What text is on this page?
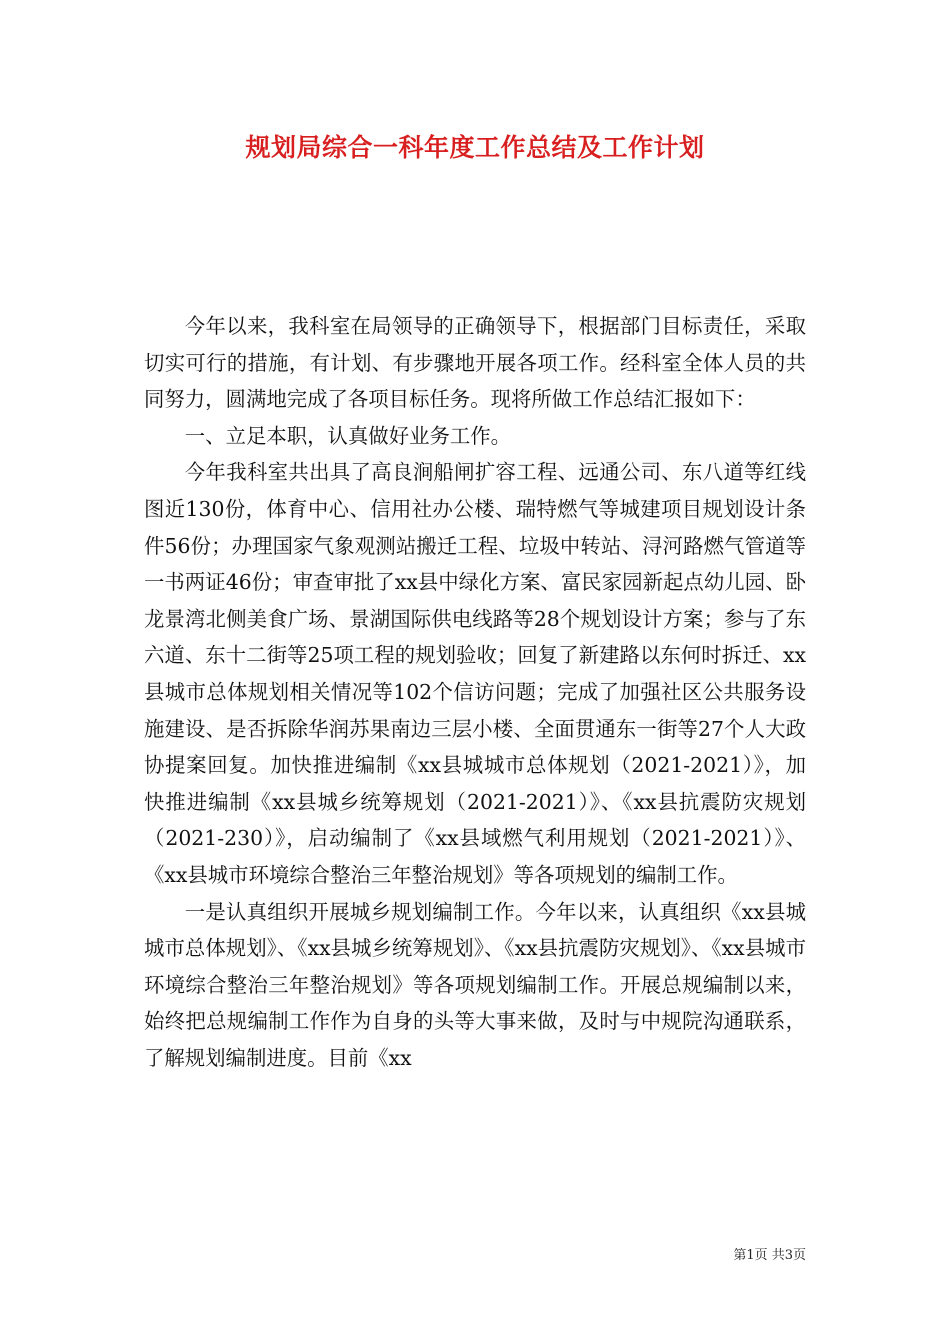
规划局综合一科年度工作总结及工作计划

今年以来，我科室在局领导的正确领导下，根据部门目标责任，采取切实可行的措施，有计划、有步骤地开展各项工作。经科室全体人员的共同努力，圆满地完成了各项目标任务。现将所做工作总结汇报如下：

一、立足本职，认真做好业务工作。

今年我科室共出具了高良涧船闸扩容工程、远通公司、东八道等红线图近130份，体育中心、信用社办公楼、瑞特燃气等城建项目规划设计条件56份；办理国家气象观测站搬迁工程、垃圾中转站、浔河路燃气管道等一书两证46份；审查审批了xx县中绿化方案、富民家园新起点幼儿园、卧龙景湾北侧美食广场、景湖国际供电线路等28个规划设计方案；参与了东六道、东十二街等25项工程的规划验收；回复了新建路以东何时拆迁、xx县城市总体规划相关情况等102个信访问题；完成了加强社区公共服务设施建设、是否拆除华润苏果南边三层小楼、全面贯通东一街等27个人大政协提案回复。加快推进编制《xx县城城市总体规划（2021-2021）》，加快推进编制《xx县城乡统筹规划（2021-2021）》、《xx县抗震防灾规划（2021-230）》，启动编制了《xx县域燃气利用规划（2021-2021）》、《xx县城市环境综合整治三年整治规划》等各项规划的编制工作。

一是认真组织开展城乡规划编制工作。今年以来，认真组织《xx县城城市总体规划》、《xx县城乡统筹规划》、《xx县抗震防灾规划》、《xx县城市环境综合整治三年整治规划》等各项规划编制工作。开展总规编制以来，始终把总规编制工作作为自身的头等大事来做，及时与中规院沟通联系，了解规划编制进度。目前《xx

第1页 共3页
